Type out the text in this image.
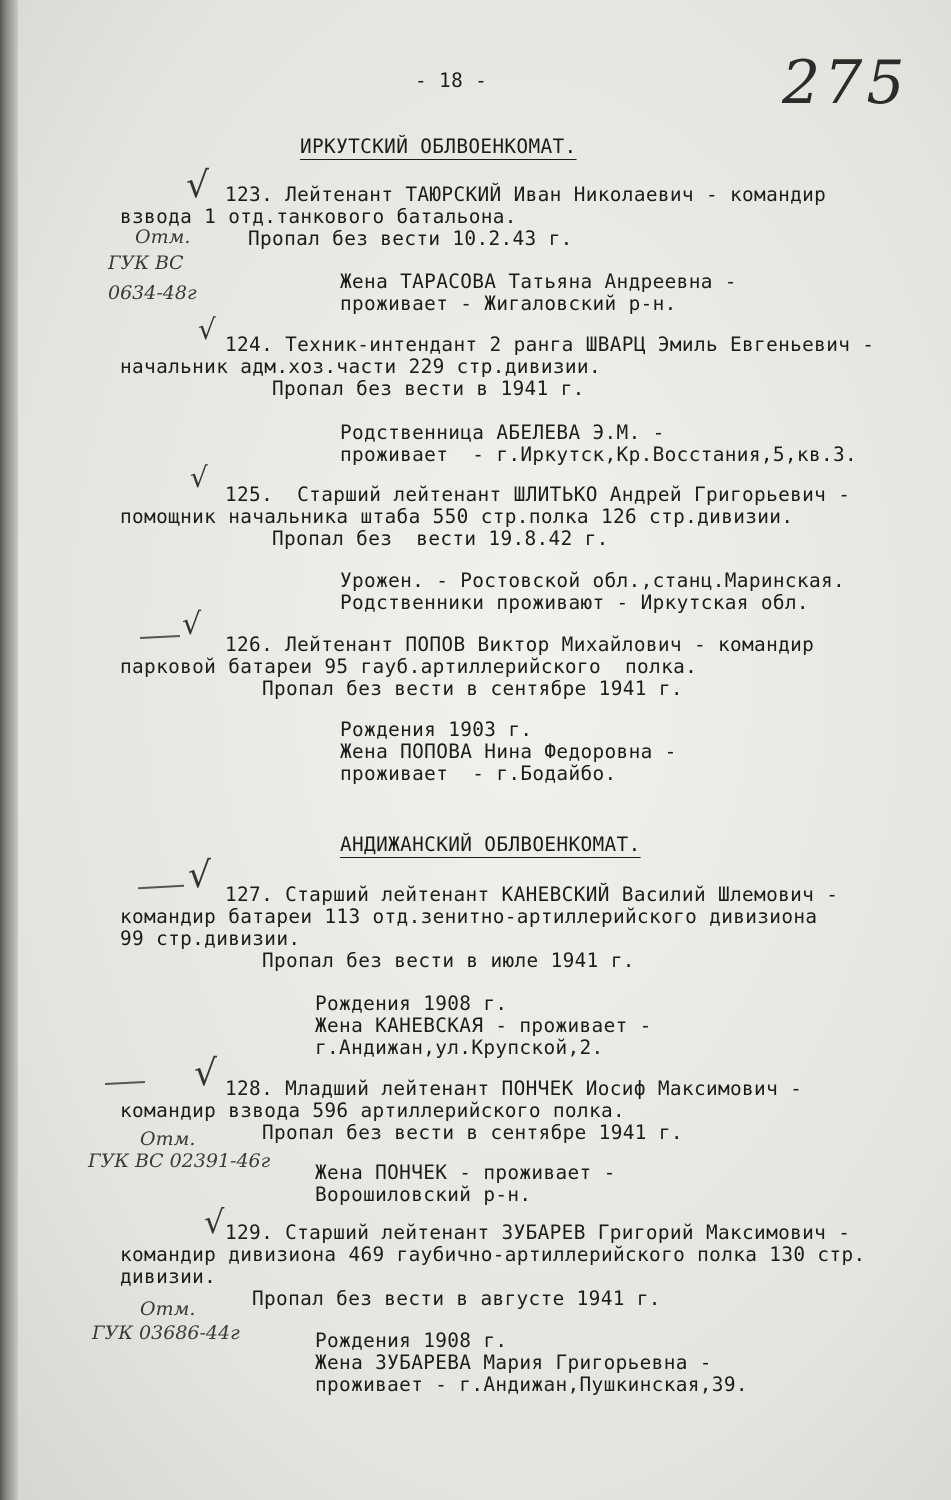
- 18 -	275
ИРКУТСКИЙ ОБЛВОЕНКОМАТ.
√ 123. Лейтенант ТАЮРСКИЙ Иван Николаевич - командир
взвода 1 отд.танкового батальона.
Пропал без вести 10.2.43 г.
Жена ТАРАСОВА Татьяна Андреевна -
проживает - Жигаловский р-н.
Отм.
ГУК ВС
0634-48г
√ 124. Техник-интендант 2 ранга ШВАРЦ Эмиль Евгеньевич -
начальник адм.хоз.части 229 стр.дивизии.
Пропал без вести в 1941 г.
Родственница АБЕЛЕВА Э.М. -
проживает  - г.Иркутск,Кр.Восстания,5,кв.3.
√
125.  Старший лейтенант ШЛИТЬКО Андрей Григорьевич -
помощник начальника штаба 550 стр.полка 126 стр.дивизии.
Пропал без  вести 19.8.42 г.
Урожен. - Ростовской обл.,станц.Маринская.
Родственники проживают - Иркутская обл.
√
126. Лейтенант ПОПОВ Виктор Михайлович - командир
парковой батареи 95 гауб.артиллерийского  полка.
Пропал без вести в сентябре 1941 г.
Рождения 1903 г.
Жена ПОПОВА Нина Федоровна -
проживает  - г.Бодайбо.
АНДИЖАНСКИЙ ОБЛВОЕНКОМАТ.
√ 127. Старший лейтенант КАНЕВСКИЙ Василий Шлемович -
командир батареи 113 отд.зенитно-артиллерийского дивизиона
99 стр.дивизии.
Пропал без вести в июле 1941 г.
Рождения 1908 г.
Жена КАНЕВСКАЯ - проживает -
г.Андижан,ул.Крупской,2.
√ 128. Младший лейтенант ПОНЧЕК Иосиф Максимович -
командир взвода 596 артиллерийского полка.
Пропал без вести в сентябре 1941 г.
Отм.
ГУК ВС 02391-46г Жена ПОНЧЕК - проживает -
Ворошиловский р-н.
√ 129. Старший лейтенант ЗУБАРЕВ Григорий Максимович -
командир дивизиона 469 гаубично-артиллерийского полка 130 стр.
дивизии.
Пропал без вести в августе 1941 г.
Отм.
ГУК 03686-44г	Рождения 1908 г.
Жена ЗУБАРЕВА Мария Григорьевна -
проживает - г.Андижан,Пушкинская,39.
